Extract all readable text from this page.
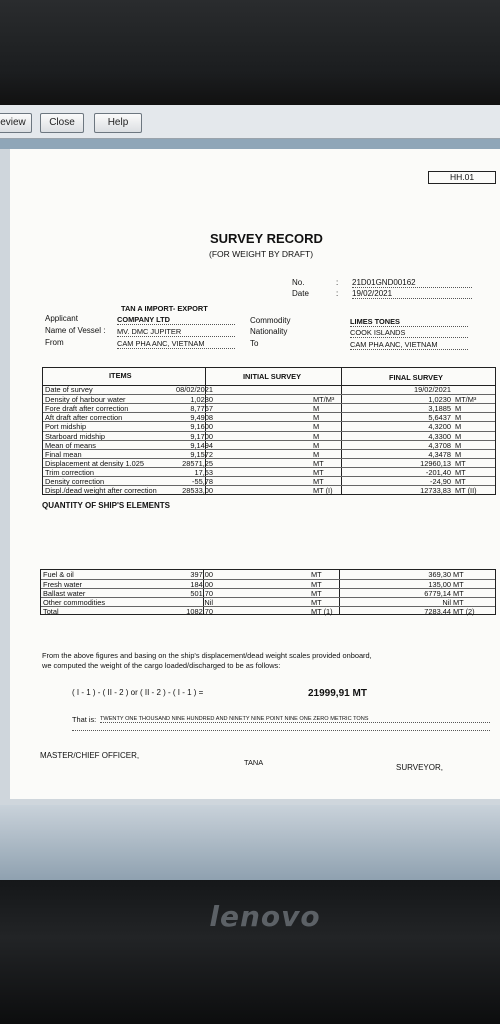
eview	Close	Help
HH.01
SURVEY RECORD
(FOR WEIGHT BY DRAFT)
No.	: 21D01GND00162
Date	: 19/02/2021
TAN A IMPORT- EXPORT
Applicant	COMPANY LTD
Name of Vessel : MV. DMC JUPITER
From	CAM PHA ANC, VIETNAM
Commodity	LIMES TONES
Nationality	COOK ISLANDS
To	CAM PHA ANC, VIETNAM
ITEMS	INITIAL SURVEY	FINAL SURVEY
Date of survey	08/02/2021	19/02/2021
Density of harbour water	1,0230	MT/M³	1,0230 MT/M³
Fore draft after correction	8,7767	M	3,1885 M
Aft draft after correction	9,4908	M	5,6437 M
Port midship	9,1600	M	4,3200 M
Starboard midship	9,1700	M	4,3300 M
Mean of means	9,1494	M	4,3708 M
Final mean	9,1572	M	4,3478 M
Displacement at density 1.025	28571,25	MT	12960,13 MT
Trim correction	17,53	MT	-201,40 MT
Density correction	-55,78	MT	-24,90 MT
Displ./dead weight after correction	28533,00	MT (I)	12733,83 MT (II)
QUANTITY OF SHIP'S ELEMENTS
Fuel & oil	397,00	MT	369,30 MT
Fresh water	184,00	MT	135,00 MT
Ballast water	501,70	MT	6779,14 MT
Other commodities	Nil	MT	Nil MT
Total	1082,70	MT (1)	7283,44 MT (2)
From the above figures and basing on the ship's displacement/dead weight scales provided onboard,
we computed the weight of the cargo loaded/discharged to be as follows:
( I - 1 ) - ( II - 2 ) or ( II - 2 ) - ( I - 1 ) =	21999,91 MT
That is: TWENTY ONE THOUSAND NINE HUNDRED AND NINETY NINE POINT NINE ONE ZERO METRIC TONS
MASTER/CHIEF OFFICER,
TANA
SURVEYOR,
lenovo
